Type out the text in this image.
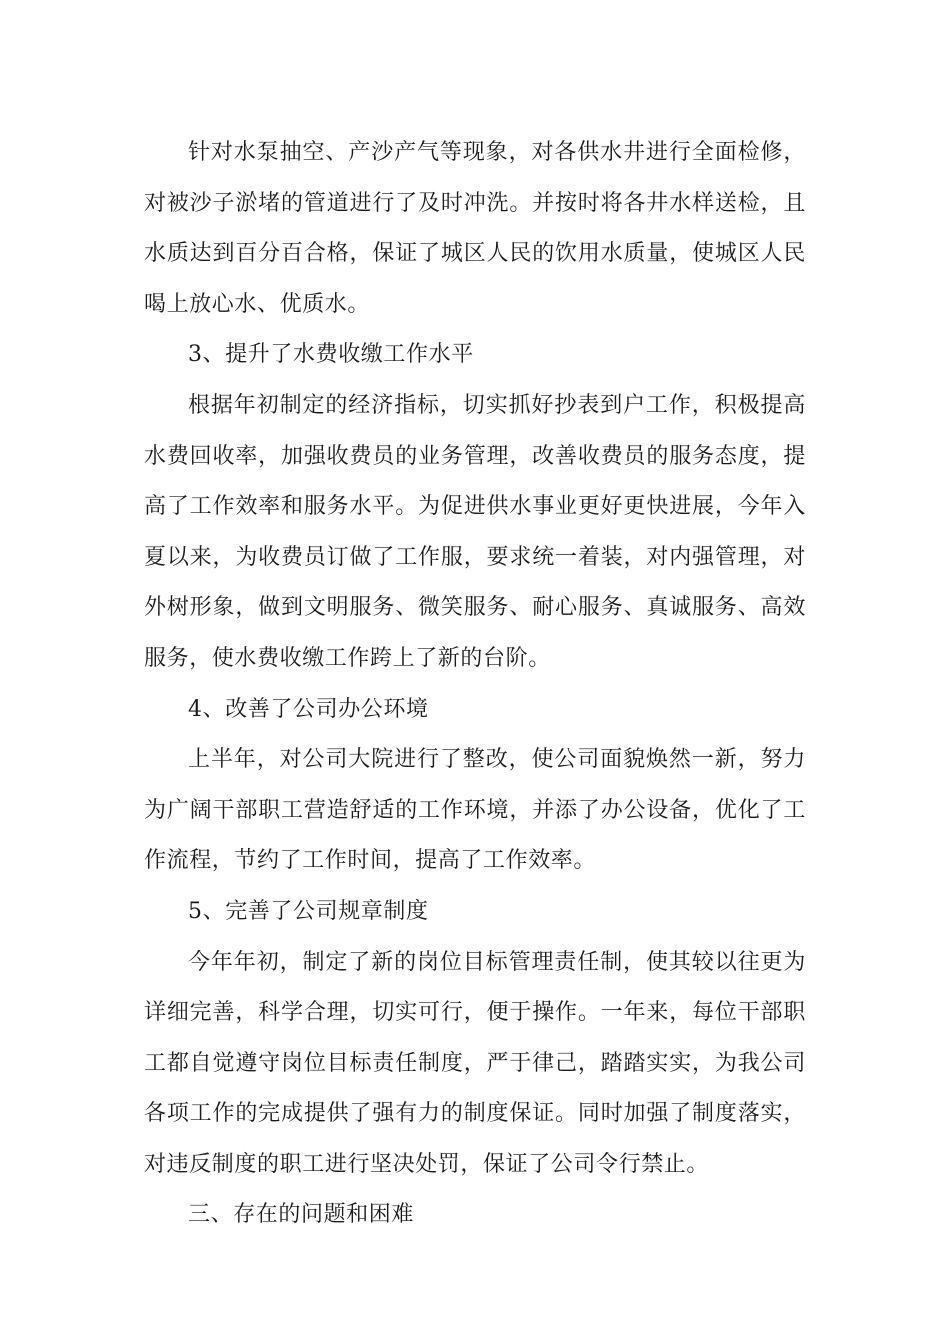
针对水泵抽空、产沙产气等现象，对各供水井进行全面检修，对被沙子淤堵的管道进行了及时冲洗。并按时将各井水样送检，且水质达到百分百合格，保证了城区人民的饮用水质量，使城区人民喝上放心水、优质水。

3、提升了水费收缴工作水平

根据年初制定的经济指标，切实抓好抄表到户工作，积极提高水费回收率，加强收费员的业务管理，改善收费员的服务态度，提高了工作效率和服务水平。为促进供水事业更好更快进展，今年入夏以来，为收费员订做了工作服，要求统一着装，对内强管理，对外树形象，做到文明服务、微笑服务、耐心服务、真诚服务、高效服务，使水费收缴工作跨上了新的台阶。

4、改善了公司办公环境

上半年，对公司大院进行了整改，使公司面貌焕然一新，努力为广阔干部职工营造舒适的工作环境，并添了办公设备，优化了工作流程，节约了工作时间，提高了工作效率。

5、完善了公司规章制度

今年年初，制定了新的岗位目标管理责任制，使其较以往更为详细完善，科学合理，切实可行，便于操作。一年来，每位干部职工都自觉遵守岗位目标责任制度，严于律己，踏踏实实，为我公司各项工作的完成提供了强有力的制度保证。同时加强了制度落实，对违反制度的职工进行坚决处罚，保证了公司令行禁止。

三、存在的问题和困难
